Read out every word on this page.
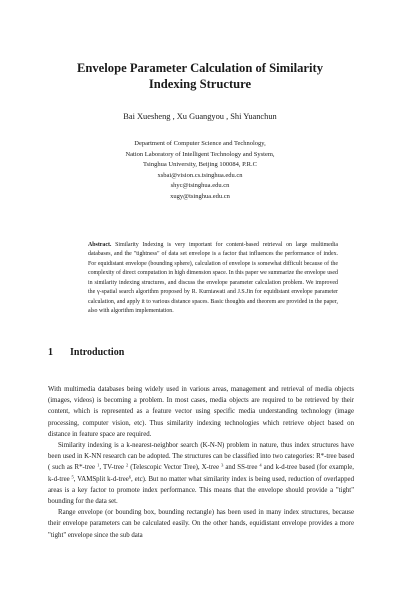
Envelope Parameter Calculation of Similarity
Indexing Structure
Bai Xuesheng , Xu Guangyou , Shi Yuanchun
Department of Computer Science and Technology,
Nation Laboratory of Intelligent Technology and System,
Tsinghua University, Beijing 100084, P.R.C
xsbai@vision.cs.tsinghua.edu.cn
shyc@tsinghua.edu.cn
xugy@tsinghua.edu.cn

Abstract. Similarity Indexing is very important for content-based retrieval on large multimedia databases, and the "tightness" of data set envelope is a factor that influences the performance of index. For equidistant envelope (bounding sphere), calculation of envelope is somewhat difficult because of the complexity of direct computation in high dimension space. In this paper we summarize the envelope used in similarity indexing structures, and discuss the envelope parameter calculation problem. We improved the γ-spatial search algorithm proposed by R. Kurniawati and J.S.Jin for equidistant envelope parameter calculation, and apply it to various distance spaces. Basic thoughts and theorem are provided in the paper, also with algorithm implementation.

1 Introduction

With multimedia databases being widely used in various areas, management and retrieval of media objects (images, videos) is becoming a problem. In most cases, media objects are required to be retrieved by their content, which is represented as a feature vector using specific media understanding technology (image processing, computer vision, etc). Thus similarity indexing technologies which retrieve object based on distance in feature space are required.

Similarity indexing is a k-nearest-neighbor search (K-N-N) problem in nature, thus index structures have been used in K-NN research can be adopted. The structures can be classified into two categories: R*-tree based ( such as R*-tree $^1$, TV-tree $^2$ (Telescopic Vector Tree), X-tree $^3$ and SS-tree $^4$ and k-d-tree based (for example, k-d-tree $^5$, VAMSplit k-d-tree$^6$, etc). But no matter what similarity index is being used, reduction of overlapped areas is a key factor to promote index performance. This means that the envelope should provide a "tight" bounding for the data set.

Range envelope (or bounding box, bounding rectangle) has been used in many index structures, because their envelope parameters can be calculated easily. On the other hands, equidistant envelope provides a more "tight" envelope since the sub data
